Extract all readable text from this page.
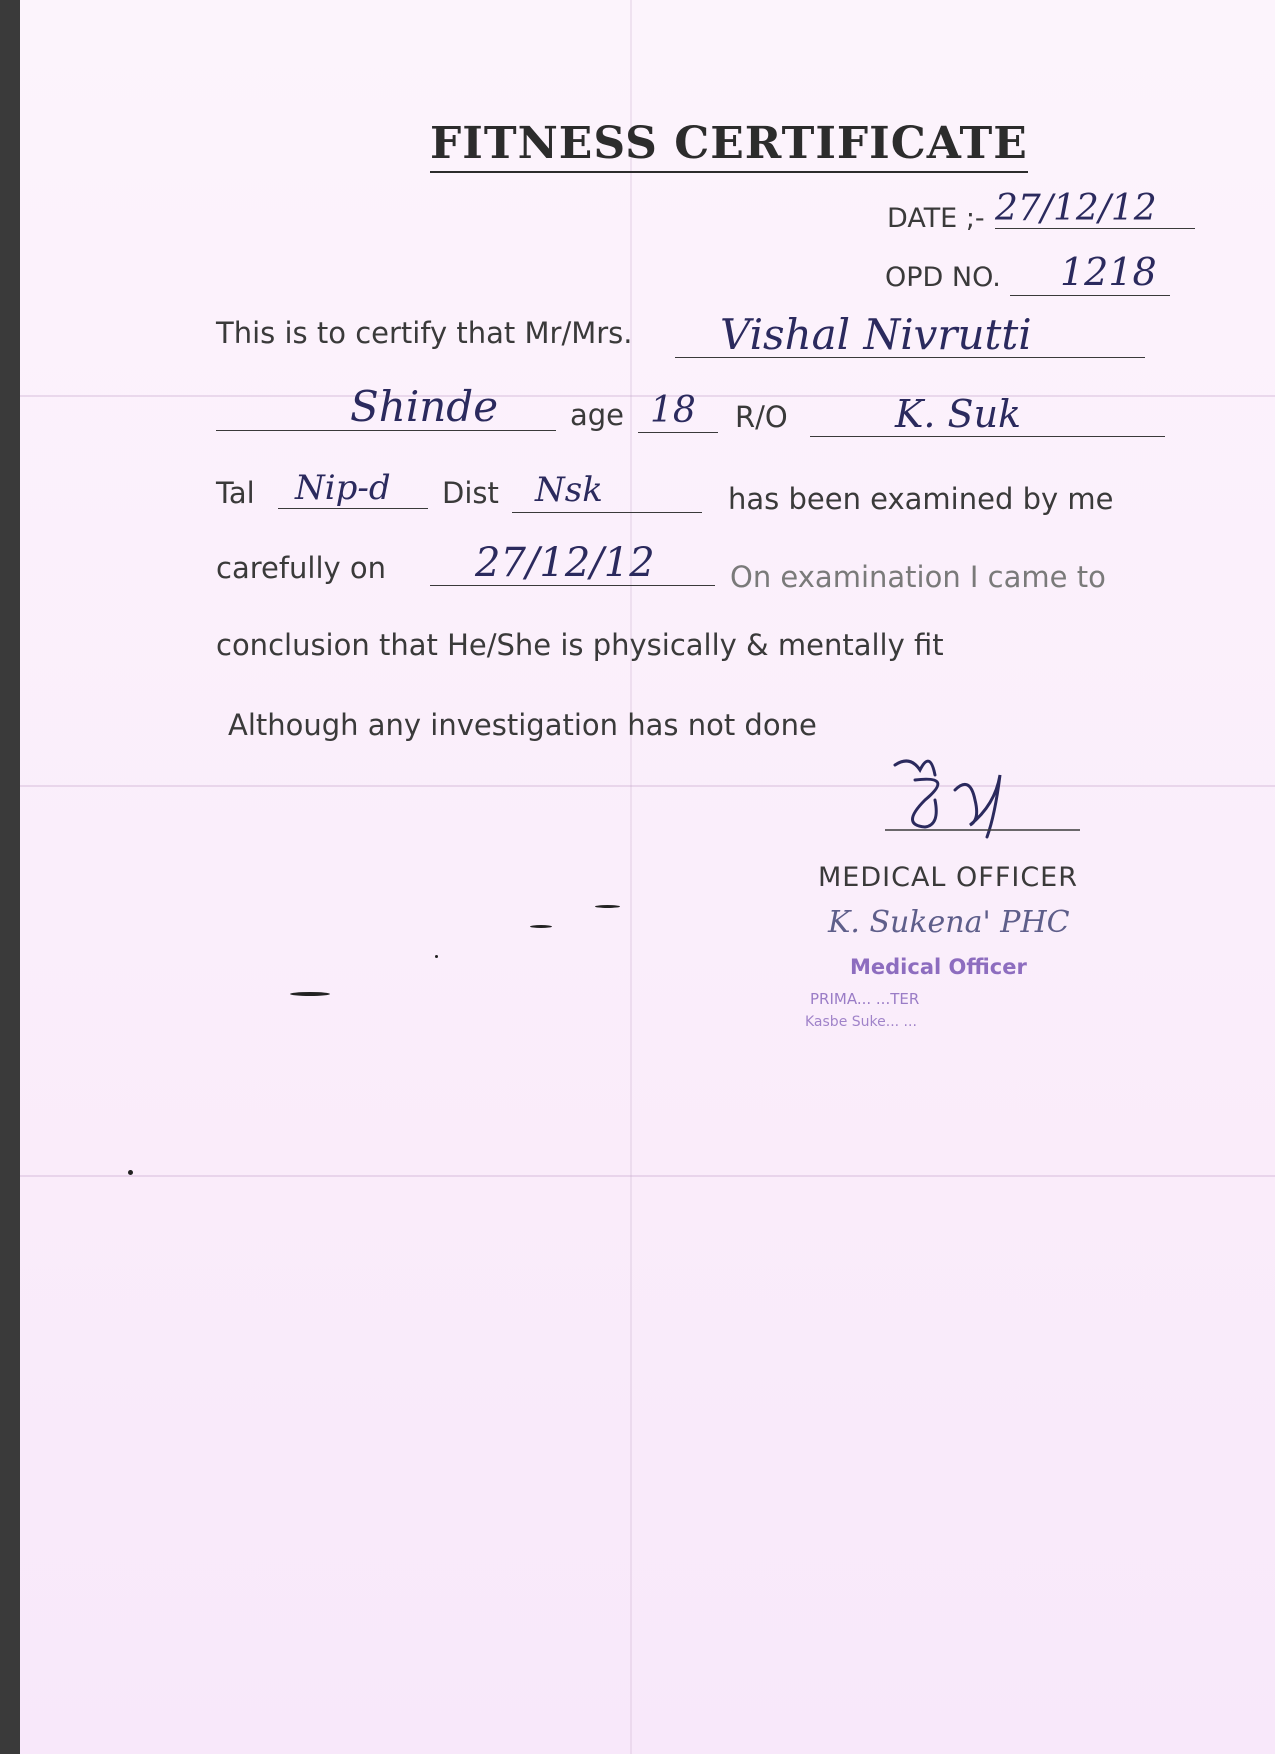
FITNESS CERTIFICATE
DATE ;- 27/12/12
OPD NO. 1218
This is to certify that Mr/Mrs. Vishal Nivrutti
Shinde age 18 R/O	K. Suk
Tal Nip-d Dist Nsk	has been examined by me
carefully on 27/12/12	On examination I came to
conclusion that He/She is physically & mentally fit
Although any investigation has not done
MEDICAL OFFICER
K. Sukena' PHC
Medical Officer
PRIMA... ...TER
Kasbe Suke... ...
